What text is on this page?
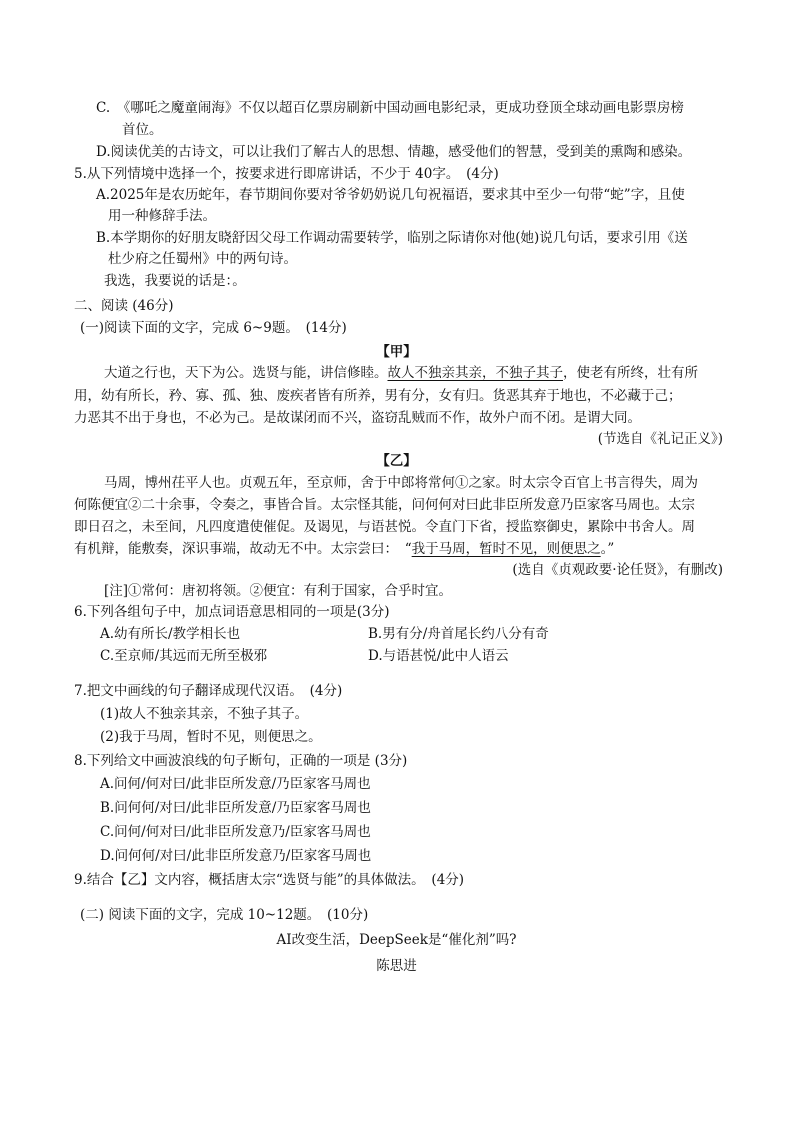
C.　《哪吒之魔童闹海》不仅以超百亿票房刷新中国动画电影纪录，更成功登顶全球动画电影票房榜
首位。
D.阅读优美的古诗文，可以让我们了解古人的思想、情趣，感受他们的智慧，受到美的熏陶和感染。
5.从下列情境中选择一个，按要求进行即席讲话，不少于 40字。　(4分)
A.2025年是农历蛇年，春节期间你要对爷爷奶奶说几句祝福语，要求其中至少一句带“蛇”字，且使
用一种修辞手法。
B.本学期你的好朋友晓舒因父母工作调动需要转学，临别之际请你对他(她)说几句话，要求引用《送
杜少府之任蜀州》中的两句诗。
我选，我要说的话是：。
二、阅读 (46分)
(一)阅读下面的文字，完成 6~9题。　(14分)
【甲】
大道之行也，天下为公。选贤与能，讲信修睦。故人不独亲其亲，不独子其子，使老有所终，壮有所
用，幼有所长，矜、寡、孤、独、废疾者皆有所养，男有分，女有归。货恶其弃于地也，不必藏于己；
力恶其不出于身也，不必为己。是故谋闭而不兴，盗窃乱贼而不作，故外户而不闭。是谓大同。
(节选自《礼记正义》)
【乙】
马周，博州茌平人也。贞观五年，至京师，舍于中郎将常何①之家。时太宗令百官上书言得失，周为
何陈便宜②二十余事，令奏之，事皆合旨。太宗怪其能，问何何对曰此非臣所发意乃臣家客马周也。太宗
即日召之，未至间，凡四度遣使催促。及谒见，与语甚悦。令直门下省，授监察御史，累除中书舍人。周
有机辩，能敷奏，深识事端，故动无不中。太宗尝曰：　“我于马周，暂时不见，则便思之。”
(选自《贞观政要·论任贤》，有删改)
[注]①常何：唐初将领。②便宜：有利于国家，合乎时宜。
6.下列各组句子中，加点词语意思相同的一项是(3分)
A.幼有所长/教学相长也	B.男有分/舟首尾长约八分有奇
C.至京师/其远而无所至极邪	D.与语甚悦/此中人语云
7.把文中画线的句子翻译成现代汉语。　(4分)
(1)故人不独亲其亲，不独子其子。
(2)我于马周，暂时不见，则便思之。
8.下列给文中画波浪线的句子断句，正确的一项是 (3分)
A.问何/何对曰/此非臣所发意/乃臣家客马周也
B.问何何/对曰/此非臣所发意/乃臣家客马周也
C.问何/何对曰/此非臣所发意乃/臣家客马周也
D.问何何/对曰/此非臣所发意乃/臣家客马周也
9.结合【乙】文内容，概括唐太宗“选贤与能”的具体做法。　(4分)
(二) 阅读下面的文字，完成 10~12题。　(10分)
AI改变生活，DeepSeek是“催化剂”吗?
陈思进
